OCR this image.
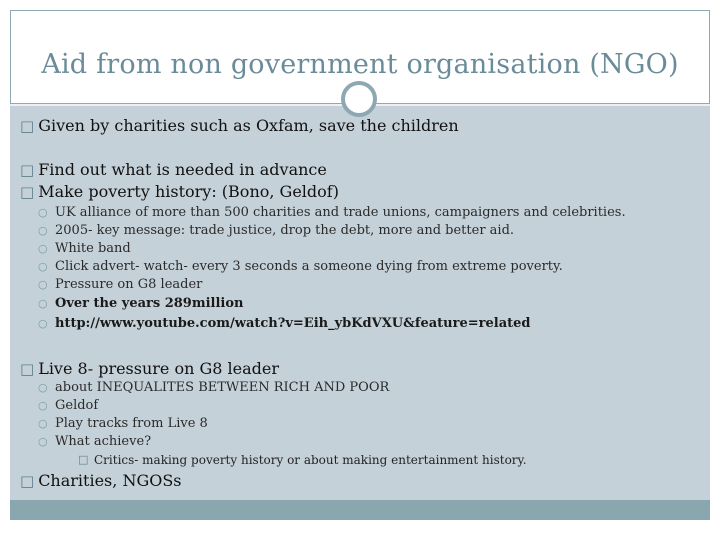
Aid from non government organisation (NGO)
□ Given by charities such as Oxfam, save the children
□ Find out what is needed in advance
□ Make poverty history: (Bono, Geldof)
○ UK alliance of more than 500 charities and trade unions, campaigners and celebrities.
○ 2005- key message: trade justice, drop the debt, more and better aid.
○ White band
○ Click advert- watch- every 3 seconds a someone dying from extreme poverty.
○ Pressure on G8 leader
○ Over the years 289million
○ http://www.youtube.com/watch?v=Eih_ybKdVXU&feature=related
□ Live 8- pressure on G8 leader
○ about INEQUALITES BETWEEN RICH AND POOR
○ Geldof
○ Play tracks from Live 8
○ What achieve?
□ Critics- making poverty history or about making entertainment history.
□ Charities, NGOSs
